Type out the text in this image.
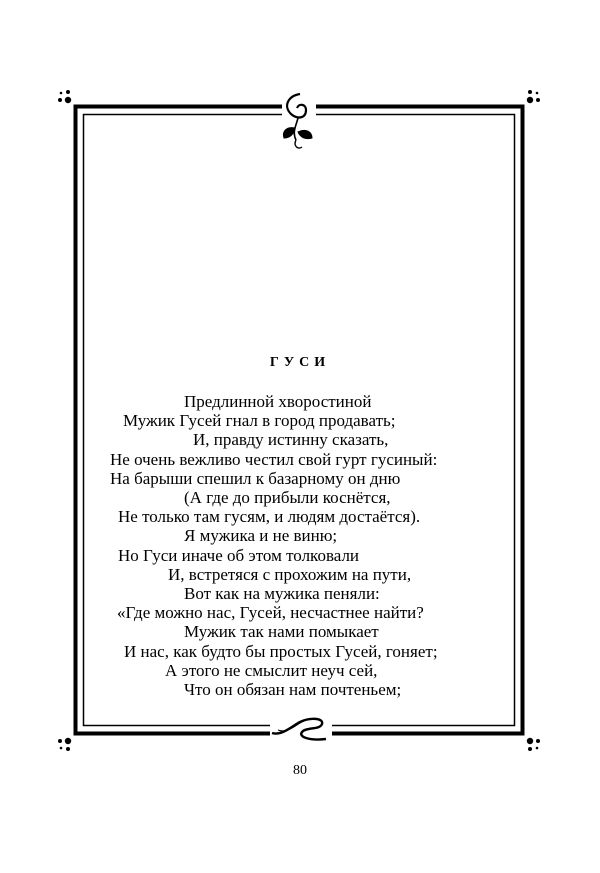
ГУСИ
Предлинной хворостиной
Мужик Гусей гнал в город продавать;
И, правду истинну сказать,
Не очень вежливо честил свой гурт гусиный:
На барыши спешил к базарному он дню
(А где до прибыли коснётся,
Не только там гусям, и людям достаётся).
Я мужика и не виню;
Но Гуси иначе об этом толковали
И, встретяся с прохожим на пути,
Вот как на мужика пеняли:
«Где можно нас, Гусей, несчастнее найти?
Мужик так нами помыкает
И нас, как будто бы простых Гусей, гоняет;
А этого не смыслит неуч сей,
Что он обязан нам почтеньем;
80
